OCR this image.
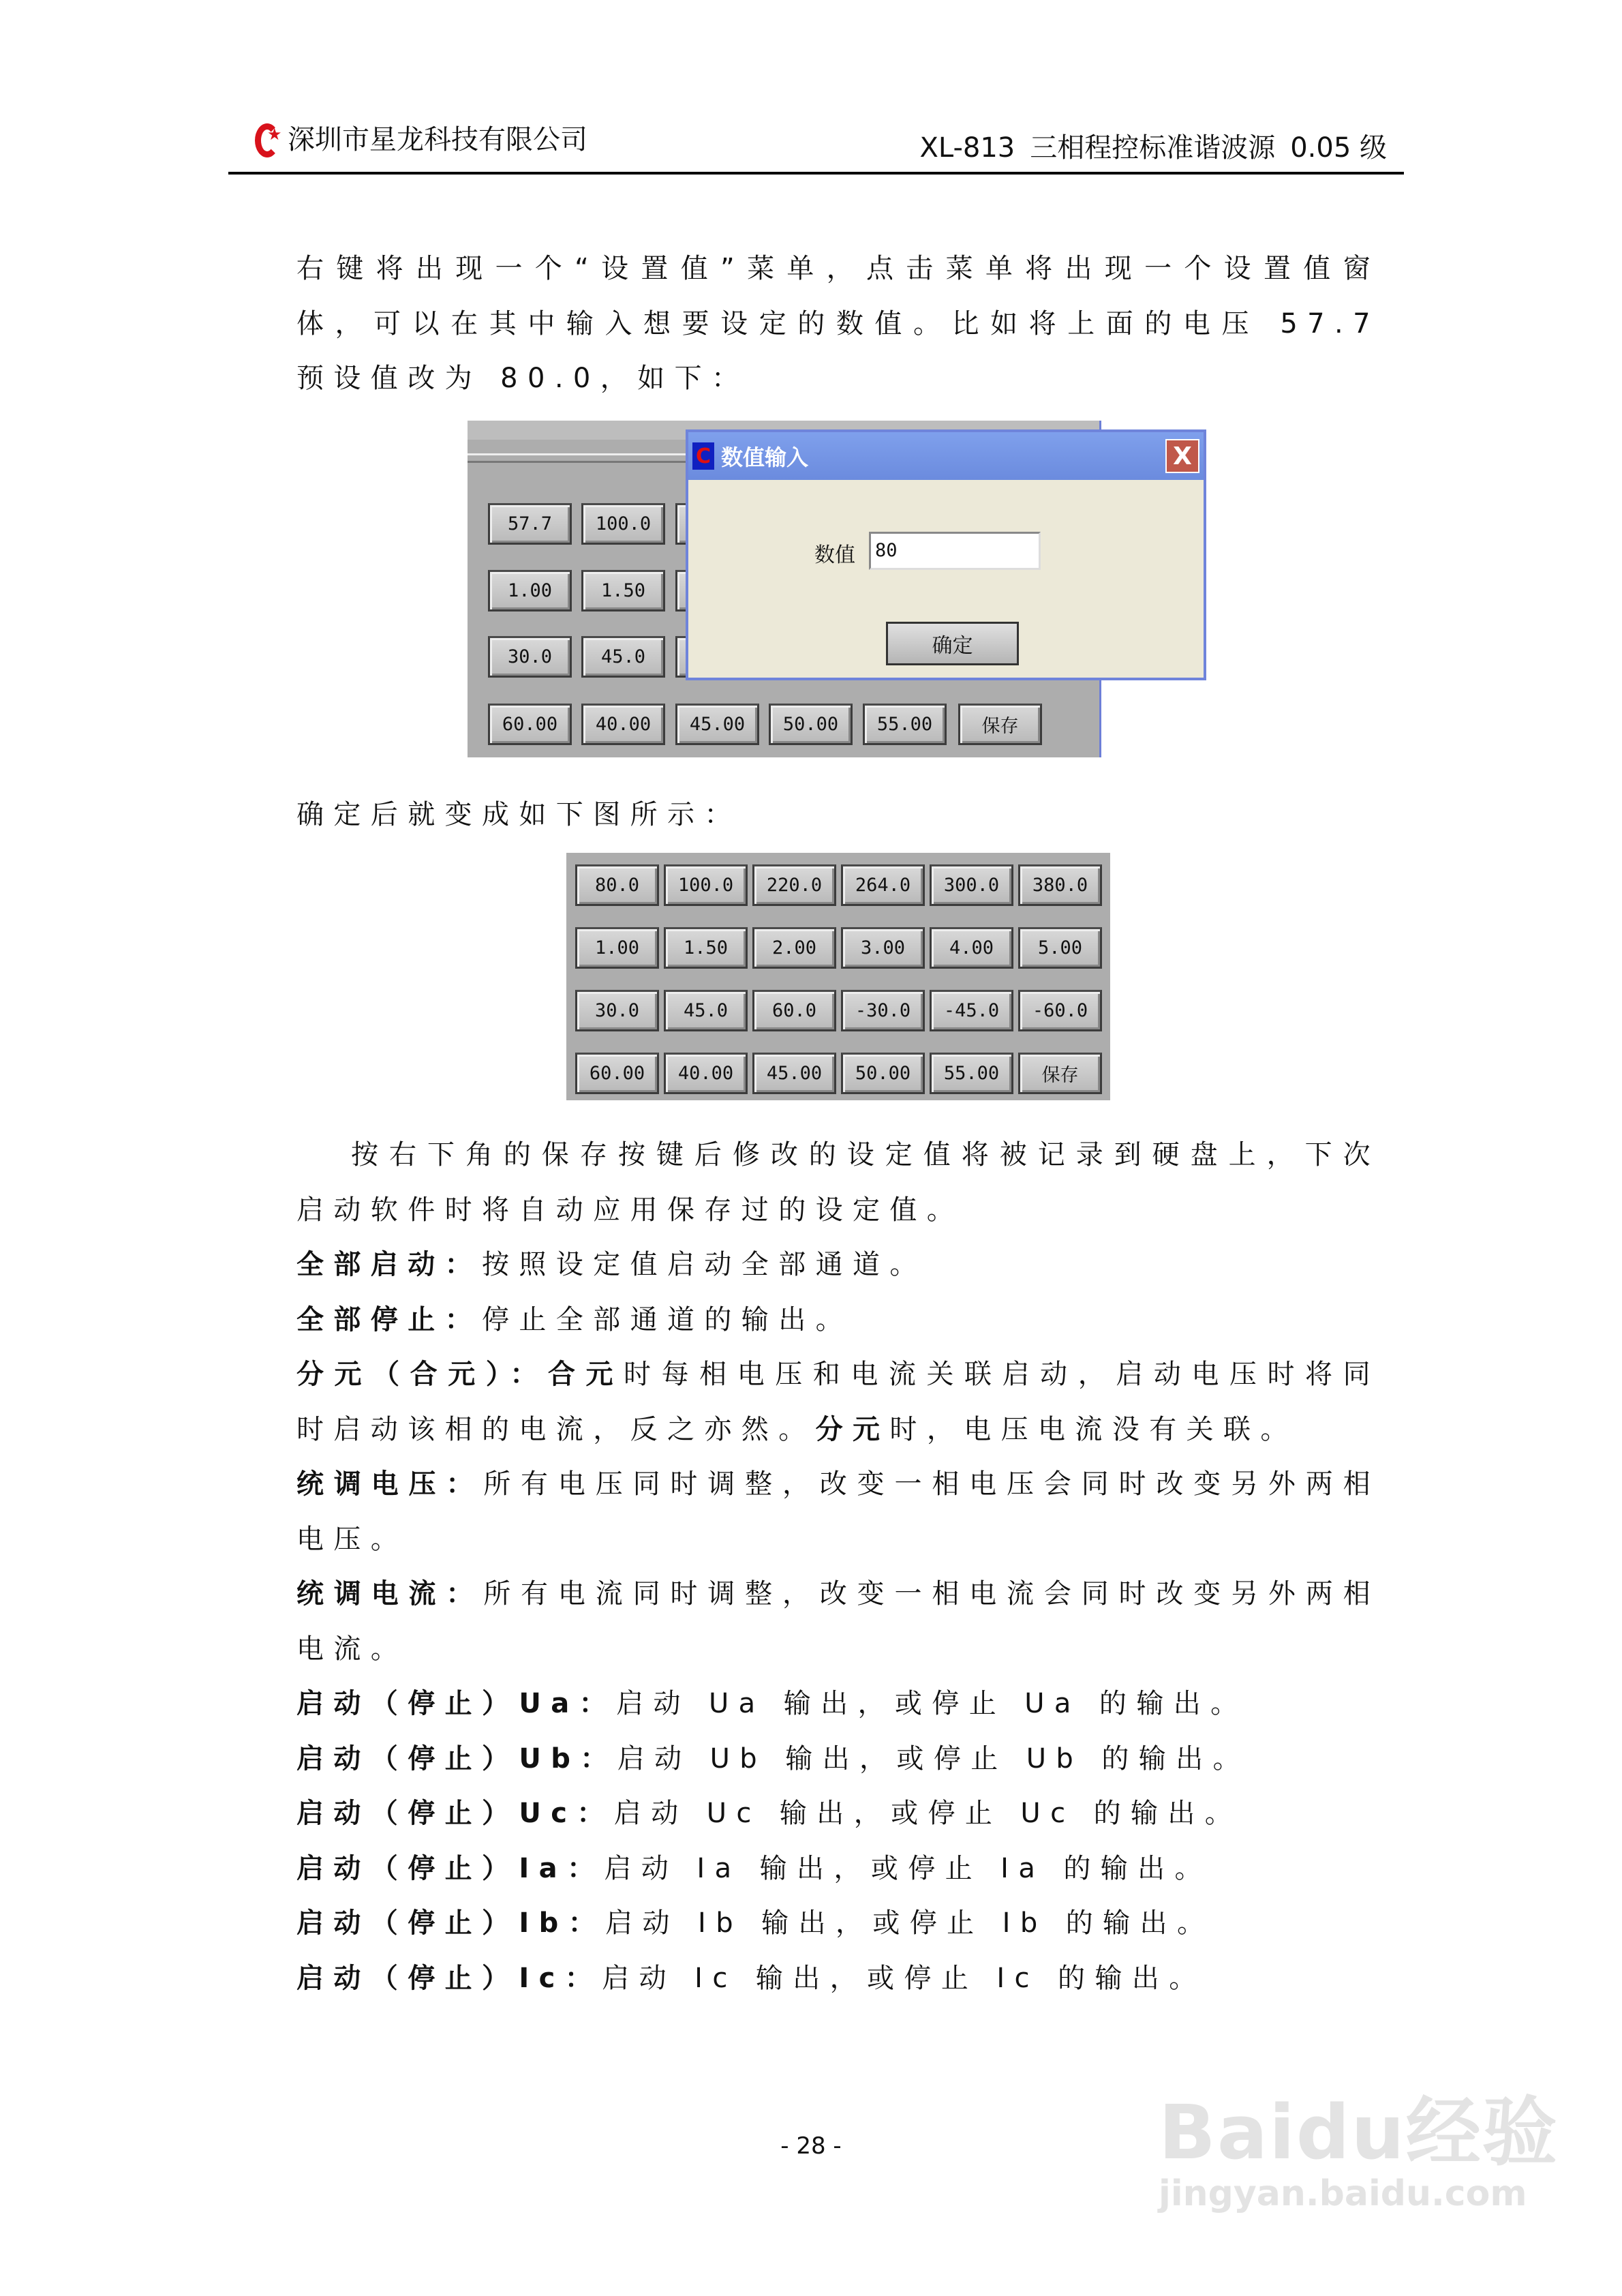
★
深圳市星龙科技有限公司	XL-813 三相程控标准谐波源 0.05 级
右键将出现一个“设置值”菜单，点击菜单将出现一个设置值窗体，可以在其中输入想要设定的数值。比如将上面的电压 57.7 预设值改为 80.0，如下：
57.7	100.0
1.00	1.50
30.0	45.0
60.00	40.00	45.00	50.00	55.00	保存
C 数值输入	X
数值	80
确定
确定后就变成如下图所示：
80.0	100.0	220.0	264.0	300.0	380.0
1.00	1.50	2.00	3.00	4.00	5.00
30.0	45.0	60.0	-30.0	-45.0	-60.0
60.00	40.00	45.00	50.00	55.00	保存
按右下角的保存按键后修改的设定值将被记录到硬盘上，下次启动软件时将自动应用保存过的设定值。
全部启动：按照设定值启动全部通道。
全部停止：停止全部通道的输出。
分元（合元）：合元时每相电压和电流关联启动，启动电压时将同时启动该相的电流，反之亦然。分元时，电压电流没有关联。
统调电压：所有电压同时调整，改变一相电压会同时改变另外两相电压。
统调电流：所有电流同时调整，改变一相电流会同时改变另外两相电流。
启动（停止）Ua：启动 Ua 输出，或停止 Ua 的输出。
启动（停止）Ub：启动 Ub 输出，或停止 Ub 的输出。
启动（停止）Uc：启动 Uc 输出，或停止 Uc 的输出。
启动（停止）Ia：启动 Ia 输出，或停止 Ia 的输出。
启动（停止）Ib：启动 Ib 输出，或停止 Ib 的输出。
启动（停止）Ic：启动 Ic 输出，或停止 Ic 的输出。
- 28 -	Baidu经验
jingyan.baidu.com
